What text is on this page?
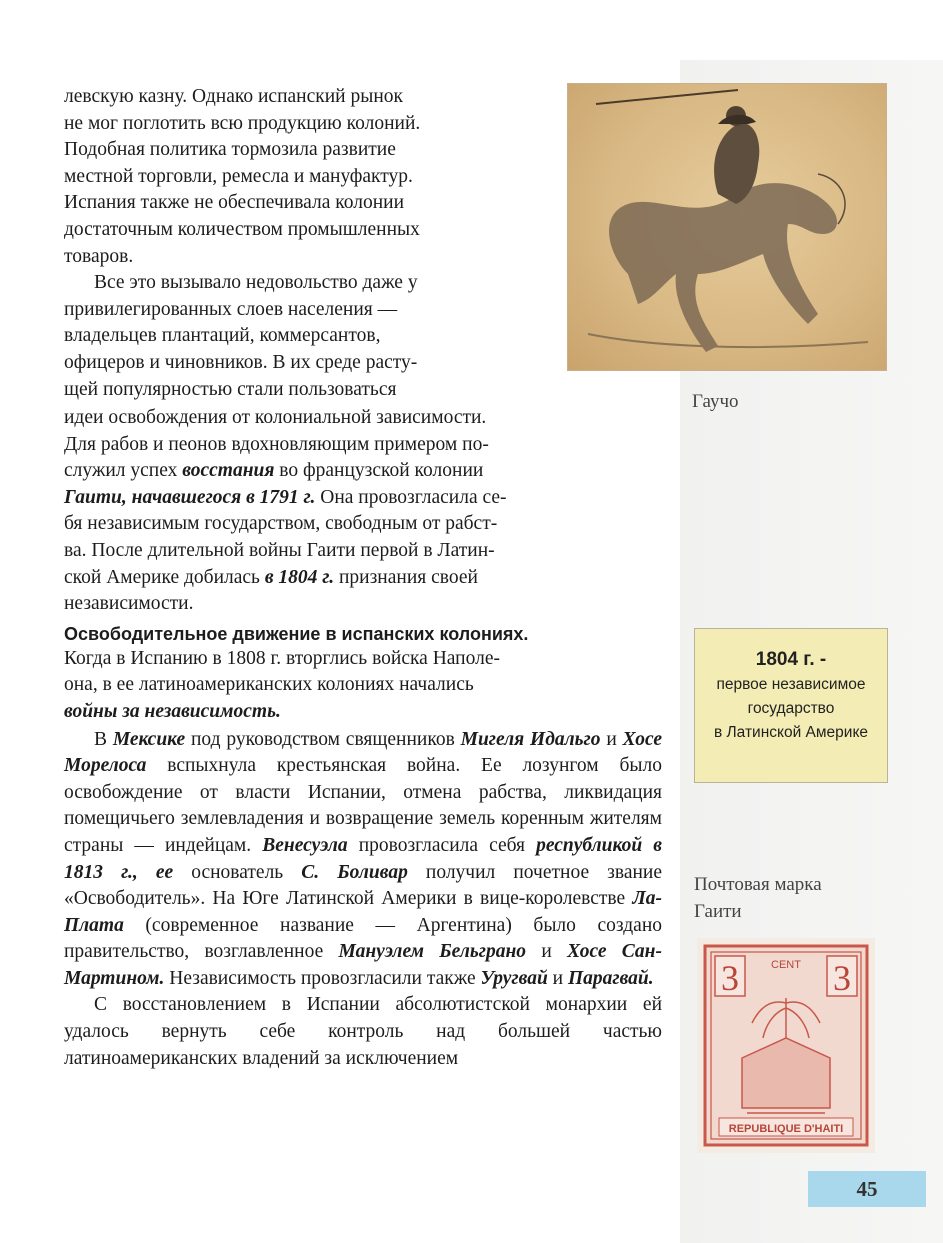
левскую казну. Однако испанский рынок

не мог поглотить всю продукцию колоний.

Подобная политика тормозила развитие

местной торговли, ремесла и мануфактур.

Испания также не обеспечивала колонии

достаточным количеством промышленных

товаров.

Все это вызывало недовольство даже у

привилегированных слоев населения —

владельцев плантаций, коммерсантов,

офицеров и чиновников. В их среде расту-

щей популярностью стали пользоваться

идеи освобождения от колониальной зависимости.

Для рабов и пеонов вдохновляющим примером по-

служил успех восстания во французской колонии

Гаити, начавшегося в 1791 г. Она провозгласила се-

бя независимым государством, свободным от рабст-

ва. После длительной войны Гаити первой в Латин-

ской Америке добилась в 1804 г. признания своей

независимости.

Освободительное движение в испанских колониях.

Когда в Испанию в 1808 г. вторглись войска Наполе-

она, в ее латиноамериканских колониях начались

войны за независимость.

В Мексике под руководством священников Мигеля Идальго и Хосе Морелоса вспыхнула крестьянская война. Ее лозунгом было освобождение от власти Испании, отмена рабства, ликвидация помещичьего землевладения и возвращение земель коренным жителям страны — индейцам. Венесуэла провозгласила себя республикой в 1813 г., ее основатель С. Боливар получил почетное звание «Освободитель». На Юге Латинской Америки в вице-королевстве Ла-Плата (современное название — Аргентина) было создано правительство, возглавленное Мануэлем Бельграно и Хосе Сан-Мартином. Независимость провозгласили также Уругвай и Парагвай.

С восстановлением в Испании абсолютистской монархии ей удалось вернуть себе контроль над большей частью латиноамериканских владений за исключением

Гаучо
1804 г. -
первое независимое
государство
в Латинской Америке
Почтовая марка
Гаити
3	3
CENT
REPUBLIQUE D'HAITI
45
